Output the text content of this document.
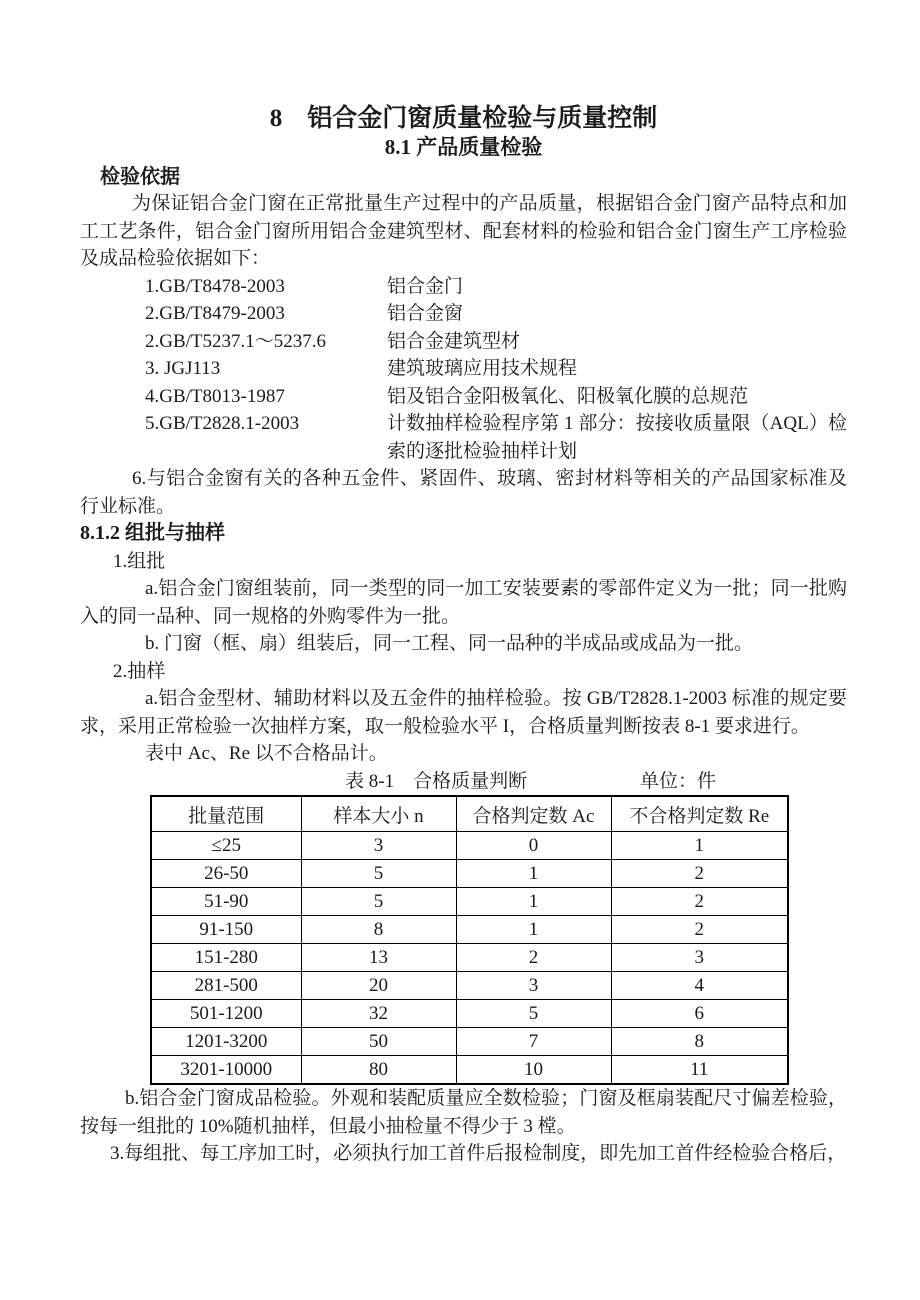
8　铝合金门窗质量检验与质量控制
8.1 产品质量检验
检验依据

为保证铝合金门窗在正常批量生产过程中的产品质量，根据铝合金门窗产品特点和加工工艺条件，铝合金门窗所用铝合金建筑型材、配套材料的检验和铝合金门窗生产工序检验及成品检验依据如下：

1.GB/T8478-2003	铝合金门
2.GB/T8479-2003	铝合金窗
2.GB/T5237.1～5237.6	铝合金建筑型材
3. JGJ113	建筑玻璃应用技术规程
4.GB/T8013-1987	铝及铝合金阳极氧化、阳极氧化膜的总规范
5.GB/T2828.1-2003	计数抽样检验程序第 1 部分：按接收质量限（AQL）检索的逐批检验抽样计划

6.与铝合金窗有关的各种五金件、紧固件、玻璃、密封材料等相关的产品国家标准及行业标准。

8.1.2 组批与抽样

1.组批

a.铝合金门窗组装前，同一类型的同一加工安装要素的零部件定义为一批；同一批购入的同一品种、同一规格的外购零件为一批。

b. 门窗（框、扇）组装后，同一工程、同一品种的半成品或成品为一批。

2.抽样

a.铝合金型材、辅助材料以及五金件的抽样检验。按 GB/T2828.1-2003 标准的规定要求，采用正常检验一次抽样方案，取一般检验水平 I，合格质量判断按表 8-1 要求进行。

表中 Ac、Re 以不合格品计。

表 8-1　合格质量判断	单位：件
批量范围	样本大小 n	合格判定数 Ac	不合格判定数 Re
≤25	3	0	1
26-50	5	1	2
51-90	5	1	2
91-150	8	1	2
151-280	13	2	3
281-500	20	3	4
501-1200	32	5	6
1201-3200	50	7	8
3201-10000	80	10	11

b.铝合金门窗成品检验。外观和装配质量应全数检验；门窗及框扇装配尺寸偏差检验，按每一组批的 10%随机抽样，但最小抽检量不得少于 3 樘。

3.每组批、每工序加工时，必须执行加工首件后报检制度，即先加工首件经检验合格后，
